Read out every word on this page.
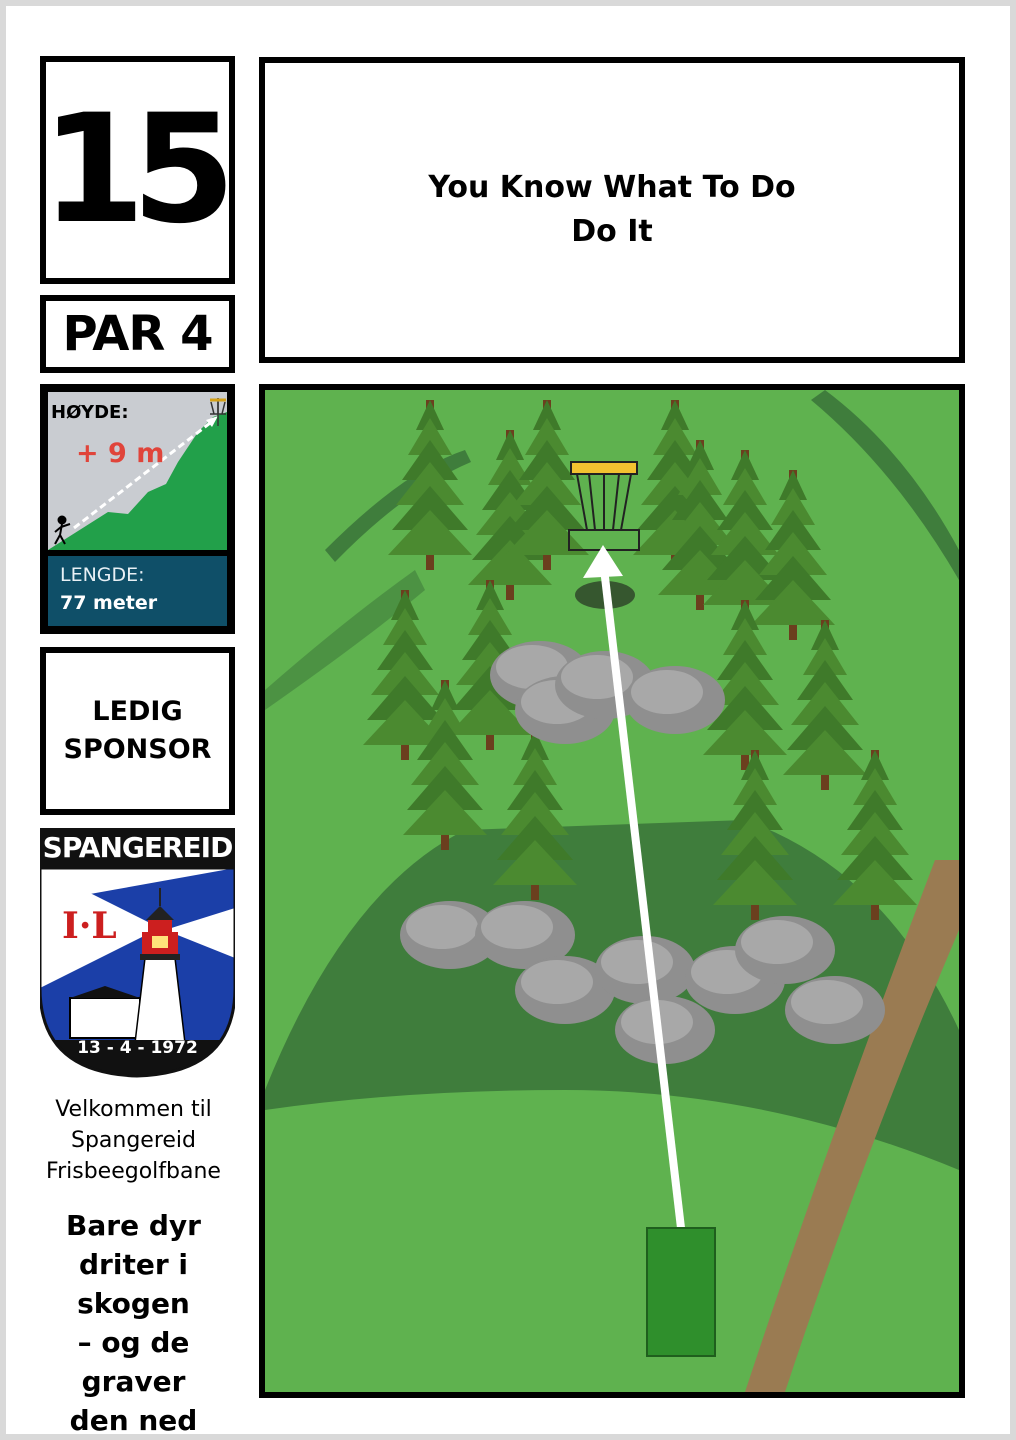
15
PAR 4
HØYDE:
+ 9 m
LENGDE:
77 meter
LEDIG
SPONSOR
SPANGEREID
I·L
13 - 4 - 1972
Velkommen til
Spangereid
Frisbeegolfbane
Bare dyr
driter i
skogen
– og de graver
den ned
You Know What To Do
Do It
